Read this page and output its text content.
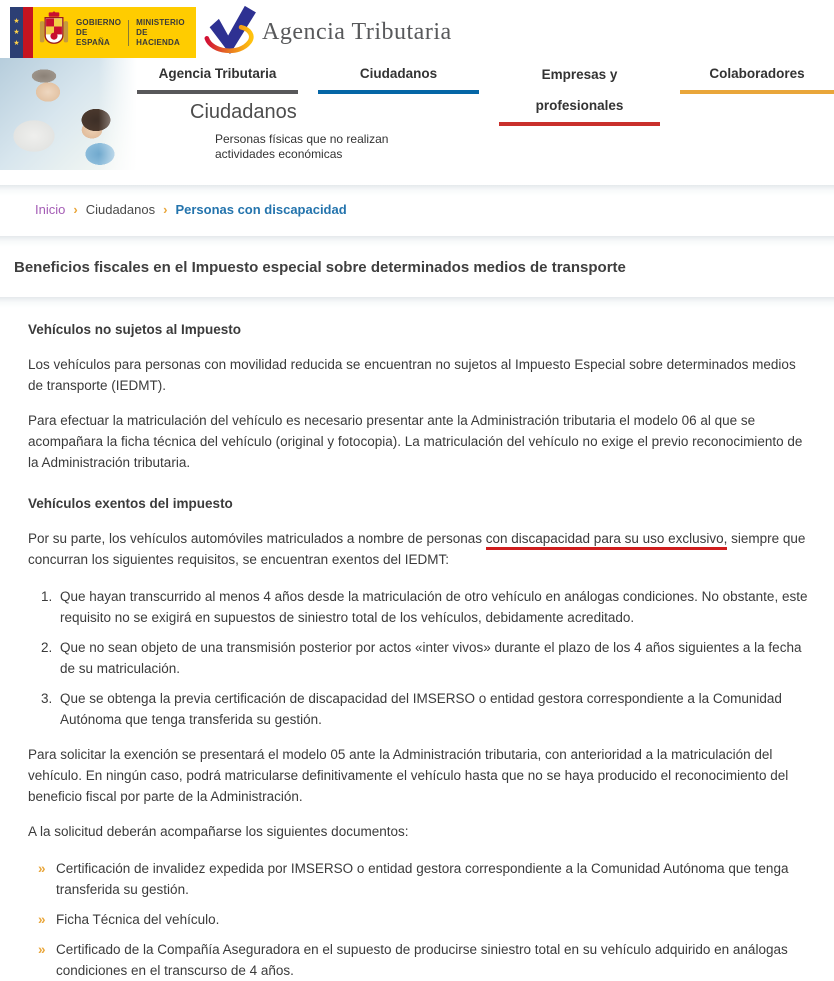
★
★
★
GOBIERNO
DE ESPAÑA
MINISTERIO
DE HACIENDA	Agencia Tributaria
Agencia Tributaria	Ciudadanos	Empresas y profesionales
Colaboradores
Ciudadanos
Personas físicas que no realizan actividades económicas
Inicio › Ciudadanos › Personas con discapacidad
Beneficios fiscales en el Impuesto especial sobre determinados medios de transporte
Vehículos no sujetos al Impuesto

Los vehículos para personas con movilidad reducida se encuentran no sujetos al Impuesto Especial sobre determinados medios de transporte (IEDMT).

Para efectuar la matriculación del vehículo es necesario presentar ante la Administración tributaria el modelo 06 al que se acompañara la ficha técnica del vehículo (original y fotocopia). La matriculación del vehículo no exige el previo reconocimiento de la Administración tributaria.

Vehículos exentos del impuesto

Por su parte, los vehículos automóviles matriculados a nombre de personas con discapacidad para su uso exclusivo, siempre que concurran los siguientes requisitos, se encuentran exentos del IEDMT:

1. Que hayan transcurrido al menos 4 años desde la matriculación de otro vehículo en análogas condiciones. No obstante, este requisito no se exigirá en supuestos de siniestro total de los vehículos, debidamente acreditado.
2. Que no sean objeto de una transmisión posterior por actos «inter vivos» durante el plazo de los 4 años siguientes a la fecha de su matriculación.
3. Que se obtenga la previa certificación de discapacidad del IMSERSO o entidad gestora correspondiente a la Comunidad Autónoma que tenga transferida su gestión.

Para solicitar la exención se presentará el modelo 05 ante la Administración tributaria, con anterioridad a la matriculación del vehículo. En ningún caso, podrá matricularse definitivamente el vehículo hasta que no se haya producido el reconocimiento del beneficio fiscal por parte de la Administración.

A la solicitud deberán acompañarse los siguientes documentos:

» Certificación de invalidez expedida por IMSERSO o entidad gestora correspondiente a la Comunidad Autónoma que tenga transferida su gestión.
» Ficha Técnica del vehículo.
» Certificado de la Compañía Aseguradora en el supuesto de producirse siniestro total en su vehículo adquirido en análogas condiciones en el transcurso de 4 años.
